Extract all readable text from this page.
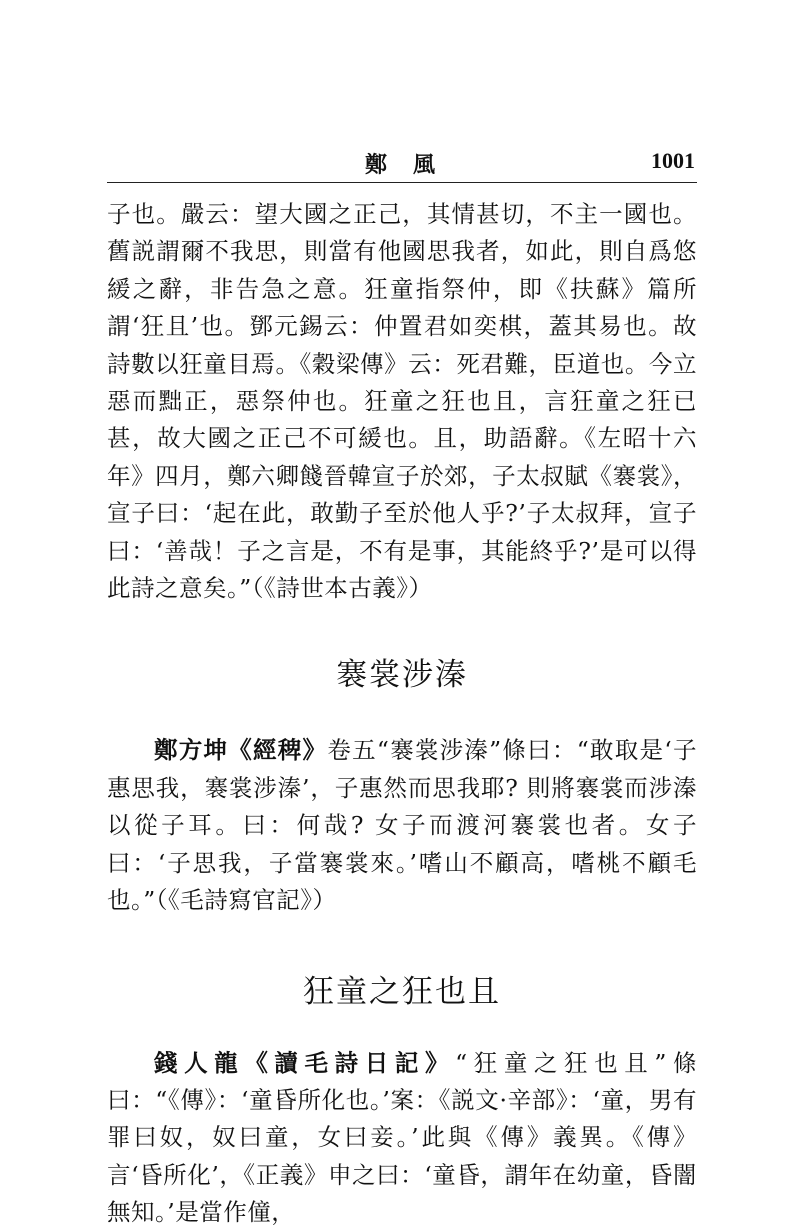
鄭風	1001

子也。嚴云：望大國之正己，其情甚切，不主一國也。舊説謂爾不我思，則當有他國思我者，如此，則自爲悠緩之辭，非告急之意。狂童指祭仲，即《扶蘇》篇所謂‘狂且’也。鄧元錫云：仲置君如奕棋，蓋其易也。故詩數以狂童目焉。《穀梁傳》云：死君難，臣道也。今立惡而黜正，惡祭仲也。狂童之狂也且，言狂童之狂已甚，故大國之正己不可緩也。且，助語辭。《左昭十六年》四月，鄭六卿餞晉韓宣子於郊，子太叔賦《褰裳》，宣子曰：‘起在此，敢勤子至於他人乎?’子太叔拜，宣子曰：‘善哉！子之言是，不有是事，其能終乎?’是可以得此詩之意矣。”（《詩世本古義》）

褰裳涉溱

鄭方坤《經稗》卷五“褰裳涉溱”條曰：“敢取是‘子惠思我，褰裳涉溱’，子惠然而思我耶? 則將褰裳而涉溱以從子耳。曰：何哉? 女子而渡河褰裳也者。女子曰：‘子思我，子當褰裳來。’嗜山不顧高，嗜桃不顧毛也。”（《毛詩寫官記》）

狂童之狂也且

錢人龍《讀毛詩日記》“狂童之狂也且”條曰：“《傳》：‘童昏所化也。’案：《説文·辛部》：‘童，男有罪曰奴，奴曰童，女曰妾。’此與《傳》義異。《傳》言‘昏所化’，《正義》申之曰：‘童昏，謂年在幼童，昏闇無知。’是當作僮，
